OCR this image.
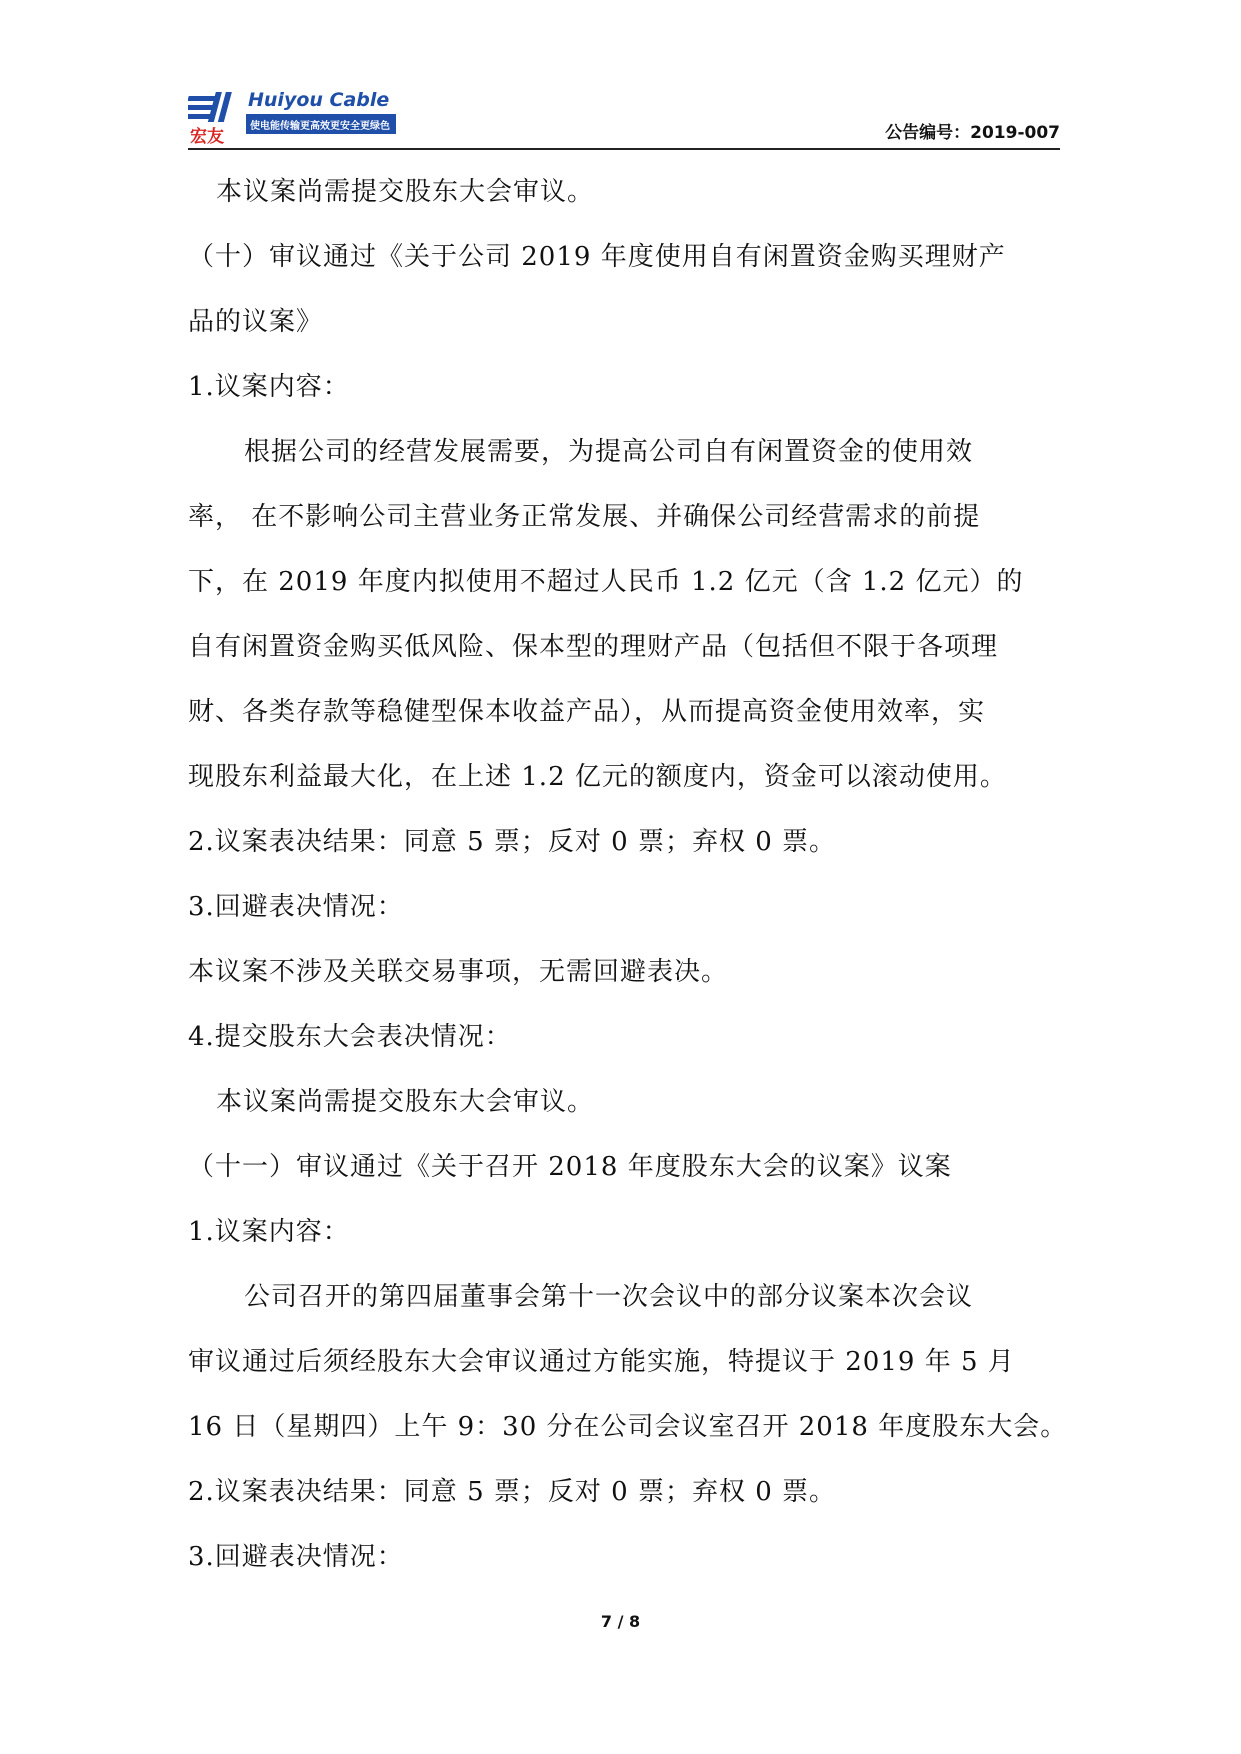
宏友
Huiyou Cable
使电能传输更高效更安全更绿色	公告编号：2019-007
本议案尚需提交股东大会审议。
（十）审议通过《关于公司 2019 年度使用自有闲置资金购买理财产
品的议案》
1.议案内容：
根据公司的经营发展需要，为提高公司自有闲置资金的使用效
率， 在不影响公司主营业务正常发展、并确保公司经营需求的前提
下，在 2019 年度内拟使用不超过人民币 1.2 亿元（含 1.2 亿元）的
自有闲置资金购买低风险、保本型的理财产品（包括但不限于各项理
财、各类存款等稳健型保本收益产品），从而提高资金使用效率，实
现股东利益最大化，在上述 1.2 亿元的额度内，资金可以滚动使用。
2.议案表决结果：同意 5 票；反对 0 票；弃权 0 票。
3.回避表决情况：
本议案不涉及关联交易事项，无需回避表决。
4.提交股东大会表决情况：
本议案尚需提交股东大会审议。
（十一）审议通过《关于召开 2018 年度股东大会的议案》议案
1.议案内容：
公司召开的第四届董事会第十一次会议中的部分议案本次会议
审议通过后须经股东大会审议通过方能实施，特提议于 2019 年 5 月
16 日（星期四）上午 9：30 分在公司会议室召开 2018 年度股东大会。
2.议案表决结果：同意 5 票；反对 0 票；弃权 0 票。
3.回避表决情况：
7 / 8
